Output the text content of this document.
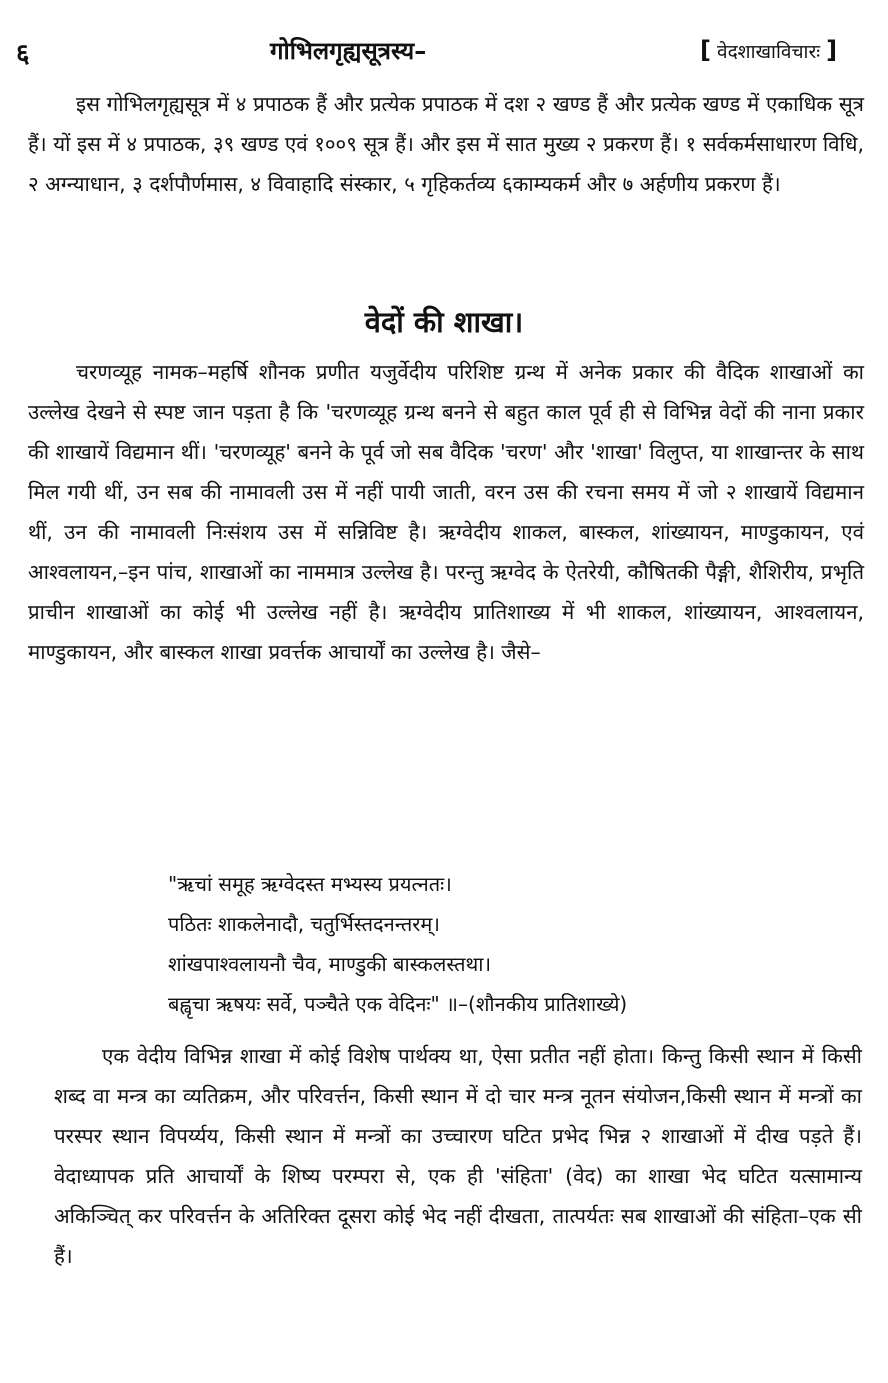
६	गोभिलगृह्यसूत्रस्य–	[ वेदशाखाविचारः ]
इस गोभिलगृह्यसूत्र में ४ प्रपाठक हैं और प्रत्येक प्रपाठक में दश २ खण्ड हैं और प्रत्येक खण्ड में एकाधिक सूत्र हैं। यों इस में ४ प्रपाठक, ३९ खण्ड एवं १००९ सूत्र हैं। और इस में सात मुख्य २ प्रकरण हैं। १ सर्वकर्मसाधारण विधि, २ अग्न्याधान, ३ दर्शपौर्णमास, ४ विवाहादि संस्कार, ५ गृहिकर्तव्य ६काम्यकर्म और ७ अर्हणीय प्रकरण हैं।
वेदों की शाखा।
चरणव्यूह नामक–महर्षि शौनक प्रणीत यजुर्वेदीय परिशिष्ट ग्रन्थ में अनेक प्रकार की वैदिक शाखाओं का उल्लेख देखने से स्पष्ट जान पड़ता है कि 'चरणव्यूह ग्रन्थ बनने से बहुत काल पूर्व ही से विभिन्न वेदों की नाना प्रकार की शाखायें विद्यमान थीं। 'चरणव्यूह' बनने के पूर्व जो सब वैदिक 'चरण' और 'शाखा' विलुप्त, या शाखान्तर के साथ मिल गयी थीं, उन सब की नामावली उस में नहीं पायी जाती, वरन उस की रचना समय में जो २ शाखायें विद्यमान थीं, उन की नामावली निःसंशय उस में सन्निविष्ट है। ऋग्वेदीय शाकल, बास्कल, शांख्यायन, माण्डुकायन, एवं आश्वलायन,–इन पांच, शाखाओं का नाममात्र उल्लेख है। परन्तु ऋग्वेद के ऐतरेयी, कौषितकी पैङ्गी, शैशिरीय, प्रभृति प्राचीन शाखाओं का कोई भी उल्लेख नहीं है। ऋग्वेदीय प्रातिशाख्य में भी शाकल, शांख्यायन, आश्वलायन, माण्डुकायन, और बास्कल शाखा प्रवर्त्तक आचार्यों का उल्लेख है। जैसे–
"ऋचां समूह ऋग्वेदस्त मभ्यस्य प्रयत्नतः।
पठितः शाकलेनादौ, चतुर्भिस्तदनन्तरम्।
शांखपाश्वलायनौ चैव, माण्डुकी बास्कलस्तथा।
बह्वृचा ऋषयः सर्वे, पञ्चैते एक वेदिनः" ॥–(शौनकीय प्रातिशाख्ये)
एक वेदीय विभिन्न शाखा में कोई विशेष पार्थक्य था, ऐसा प्रतीत नहीं होता। किन्तु किसी स्थान में किसी शब्द वा मन्त्र का व्यतिक्रम, और परिवर्त्तन, किसी स्थान में दो चार मन्त्र नूतन संयोजन,किसी स्थान में मन्त्रों का परस्पर स्थान विपर्य्यय, किसी स्थान में मन्त्रों का उच्चारण घटित प्रभेद भिन्न २ शाखाओं में दीख पड़ते हैं। वेदाध्यापक प्रति आचार्यों के शिष्य परम्परा से, एक ही 'संहिता' (वेद) का शाखा भेद घटित यत्सामान्य अकिञ्चित् कर परिवर्त्तन के अतिरिक्त दूसरा कोई भेद नहीं दीखता, तात्पर्यतः सब शाखाओं की संहिता–एक सी हैं।
